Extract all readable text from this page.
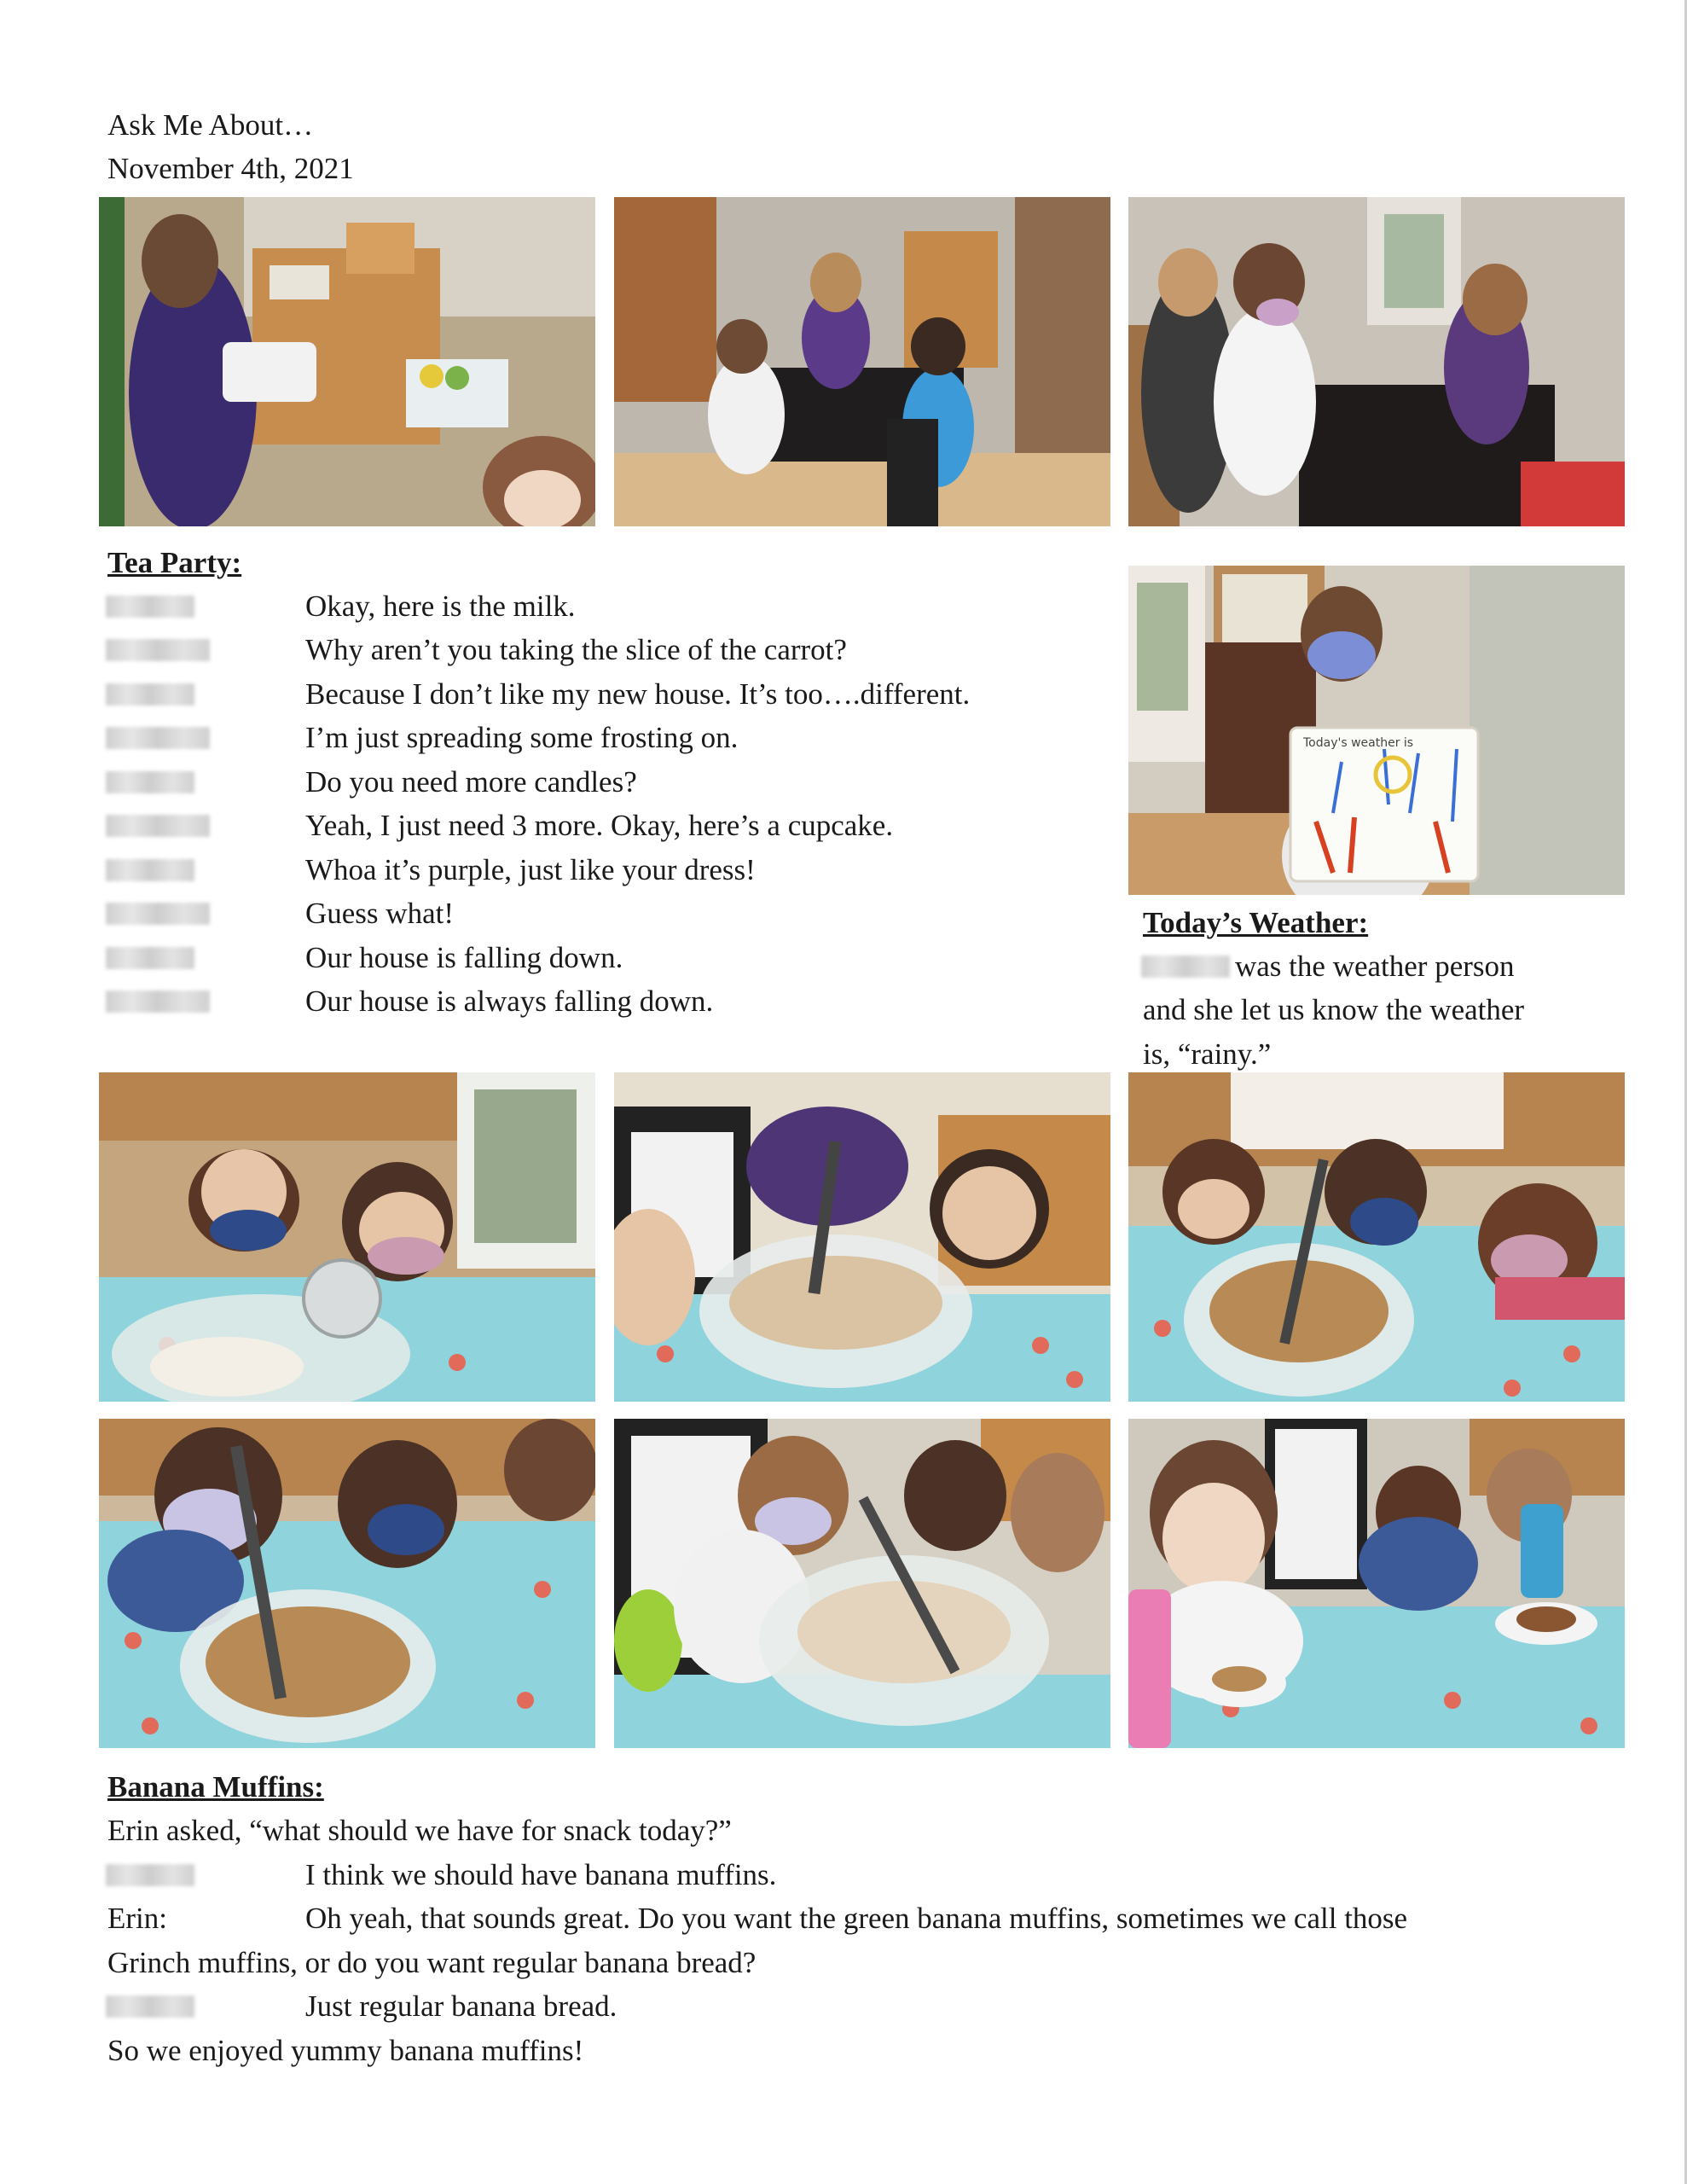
Ask Me About…
November 4th, 2021
Tea Party:
Okay, here is the milk.
Why aren’t you taking the slice of the carrot?
Because I don’t like my new house. It’s too….different.
I’m just spreading some frosting on.
Do you need more candles?
Yeah, I just need 3 more. Okay, here’s a cupcake.
Whoa it’s purple, just like your dress!
Guess what!
Our house is falling down.
Our house is always falling down.
Today's weather is
Today’s Weather:
was the weather person
and she let us know the weather
is, “rainy.”
Banana Muffins:
Erin asked, “what should we have for snack today?”
I think we should have banana muffins.
Erin:	Oh yeah, that sounds great. Do you want the green banana muffins, sometimes we call those
Grinch muffins, or do you want regular banana bread?
Just regular banana bread.
So we enjoyed yummy banana muffins!
